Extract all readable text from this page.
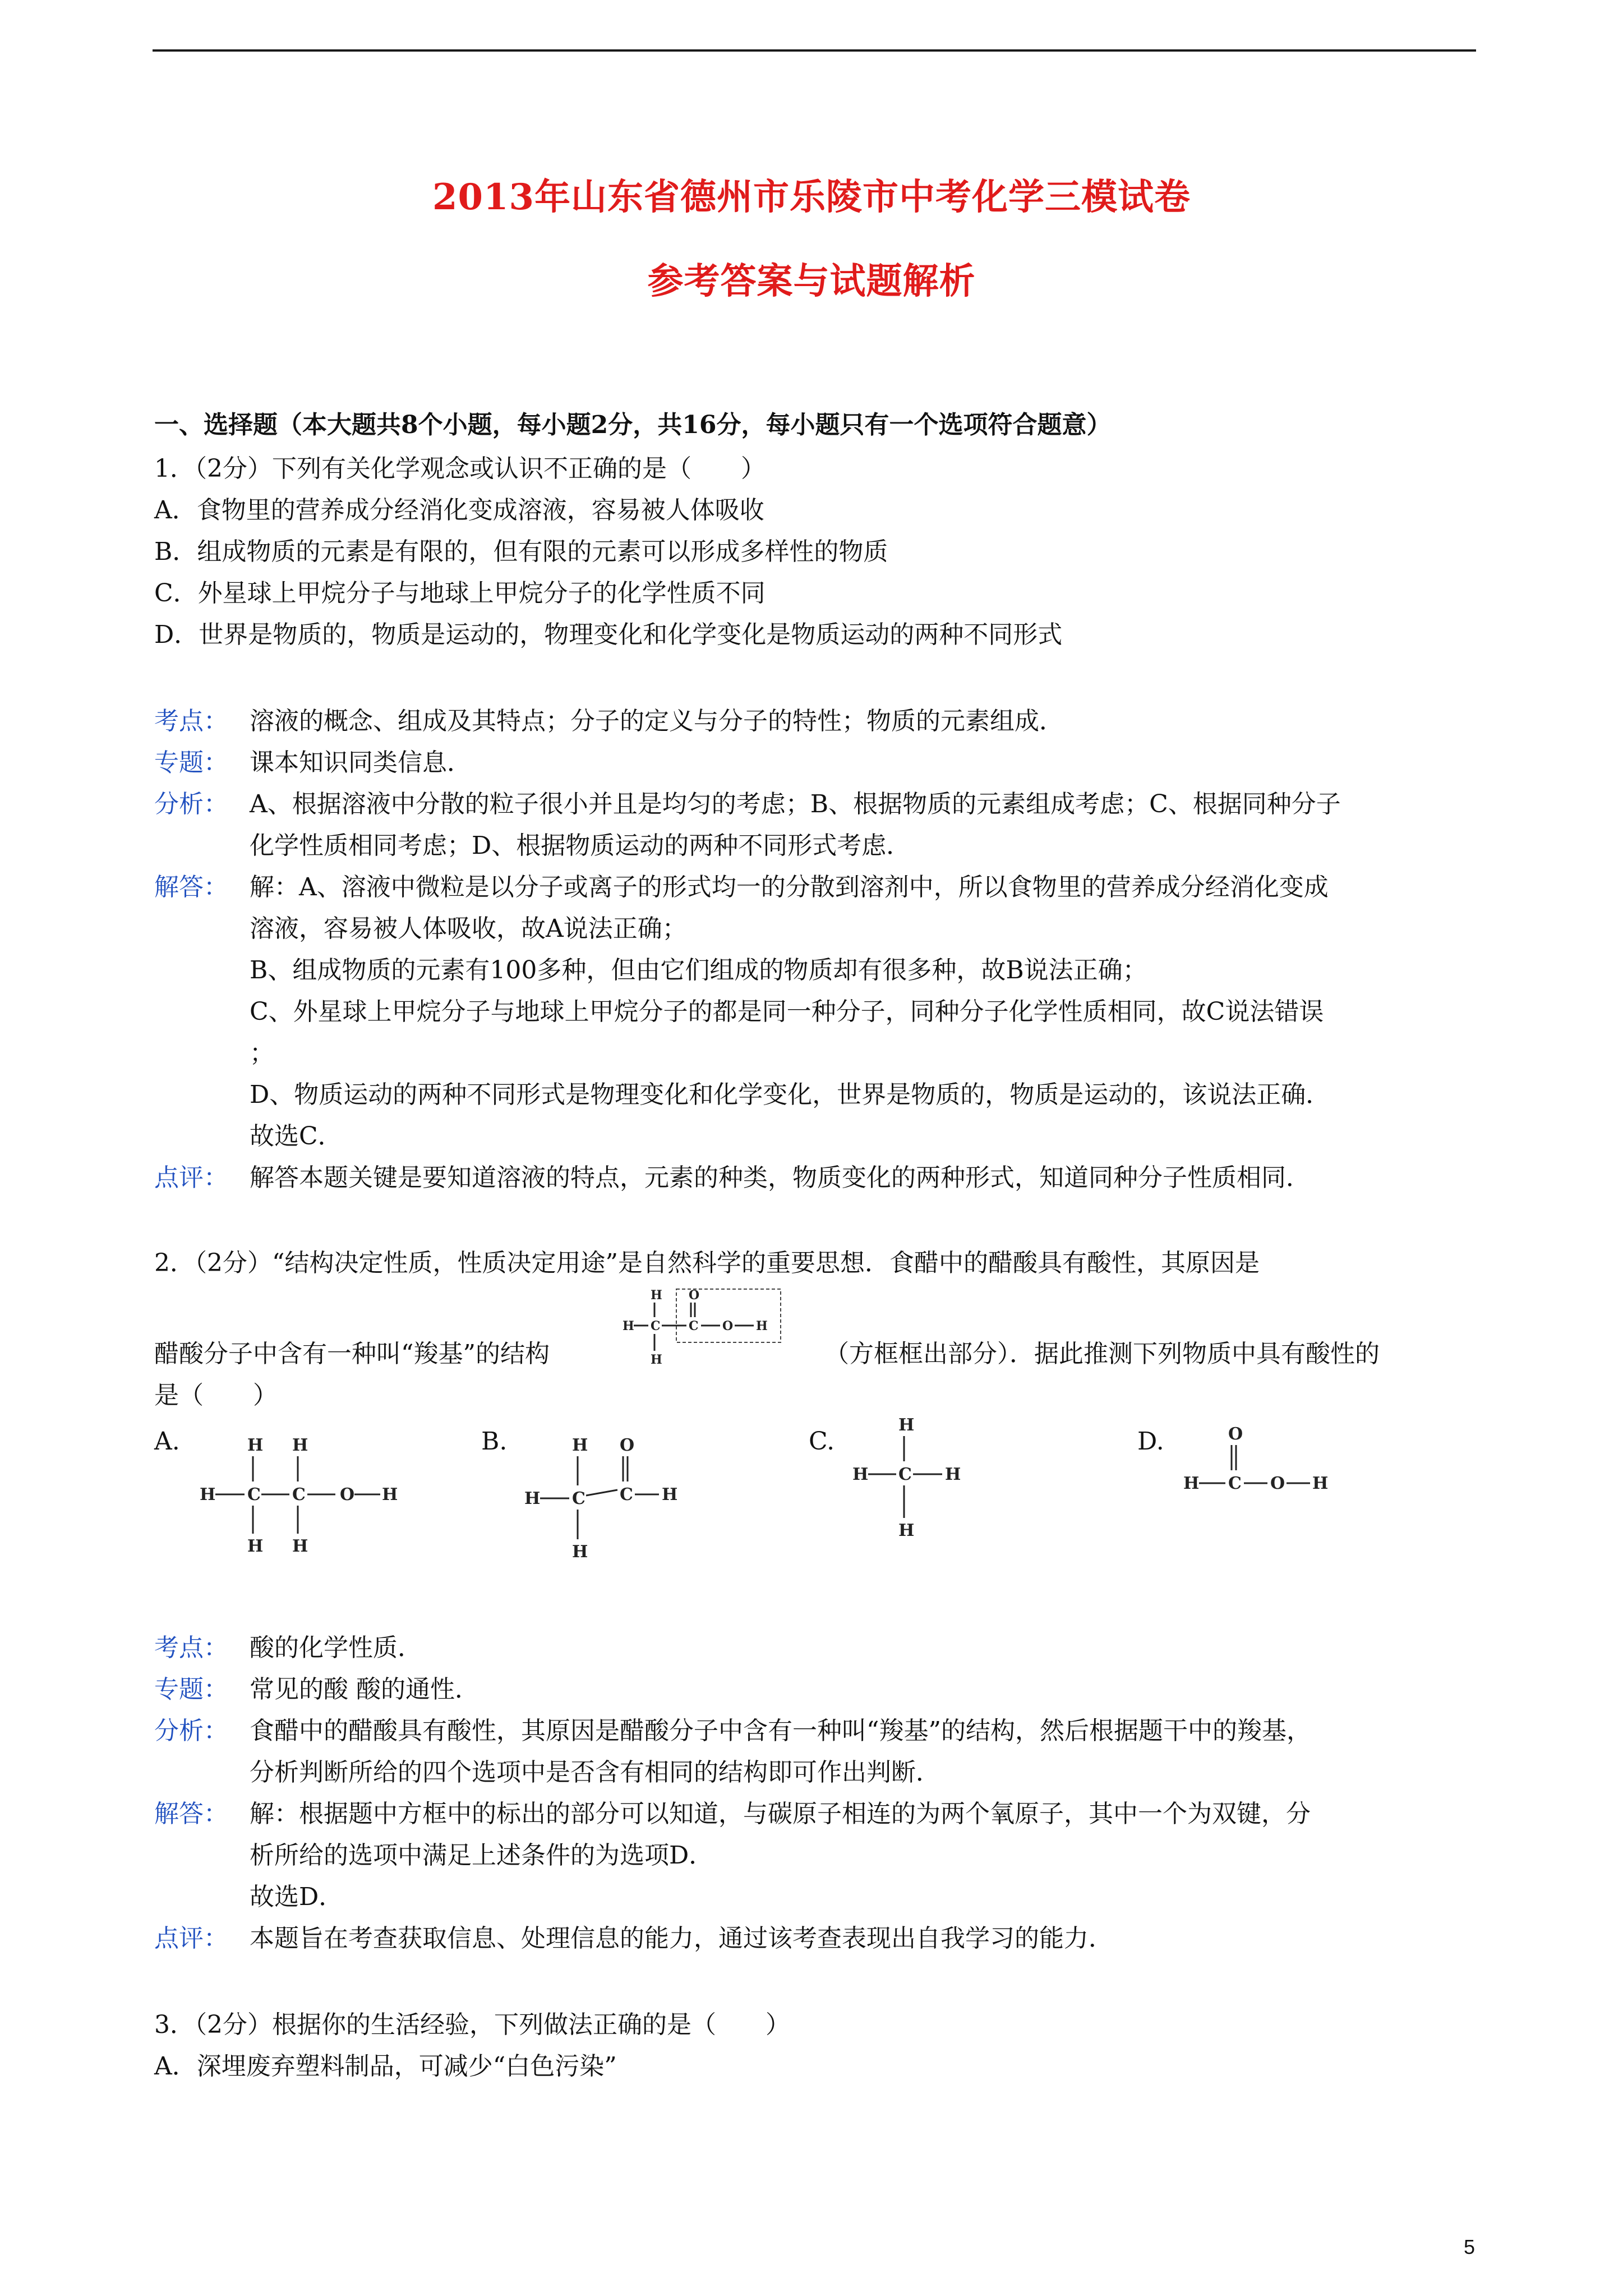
2013年山东省德州市乐陵市中考化学三模试卷
参考答案与试题解析
一、选择题（本大题共8个小题，每小题2分，共16分，每小题只有一个选项符合题意）
1．（2分）下列有关化学观念或认识不正确的是（　　）
A．食物里的营养成分经消化变成溶液，容易被人体吸收
B．组成物质的元素是有限的，但有限的元素可以形成多样性的物质
C．外星球上甲烷分子与地球上甲烷分子的化学性质不同
D．世界是物质的，物质是运动的，物理变化和化学变化是物质运动的两种不同形式
考点： 溶液的概念、组成及其特点；分子的定义与分子的特性；物质的元素组成．
专题： 课本知识同类信息．
分析： A、根据溶液中分散的粒子很小并且是均匀的考虑；B、根据物质的元素组成考虑；C、根据同种分子
化学性质相同考虑；D、根据物质运动的两种不同形式考虑．
解答： 解：A、溶液中微粒是以分子或离子的形式均一的分散到溶剂中，所以食物里的营养成分经消化变成
溶液，容易被人体吸收，故A说法正确；
B、组成物质的元素有100多种，但由它们组成的物质却有很多种，故B说法正确；
C、外星球上甲烷分子与地球上甲烷分子的都是同一种分子，同种分子化学性质相同，故C说法错误
；
D、物质运动的两种不同形式是物理变化和化学变化，世界是物质的，物质是运动的，该说法正确．
故选C．
点评： 解答本题关键是要知道溶液的特点，元素的种类，物质变化的两种形式，知道同种分子性质相同．
2．（2分）“结构决定性质，性质决定用途”是自然科学的重要思想．食醋中的醋酸具有酸性，其原因是
H
H C
H
O
C O H
醋酸分子中含有一种叫“羧基”的结构	（方框框出部分）．据此推测下列物质中具有酸性的
是（　　）
A.	B.	C.	D.
H H
H C C O H
H H
H O
H C C H
H
H
H C H
H
O
H C O H
考点： 酸的化学性质．
专题： 常见的酸 酸的通性．
分析： 食醋中的醋酸具有酸性，其原因是醋酸分子中含有一种叫“羧基”的结构，然后根据题干中的羧基，
分析判断所给的四个选项中是否含有相同的结构即可作出判断．
解答： 解：根据题中方框中的标出的部分可以知道，与碳原子相连的为两个氧原子，其中一个为双键，分
析所给的选项中满足上述条件的为选项D．
故选D．
点评： 本题旨在考查获取信息、处理信息的能力，通过该考查表现出自我学习的能力．
3．（2分）根据你的生活经验，下列做法正确的是（　　）
A．深埋废弃塑料制品，可减少“白色污染”
5
